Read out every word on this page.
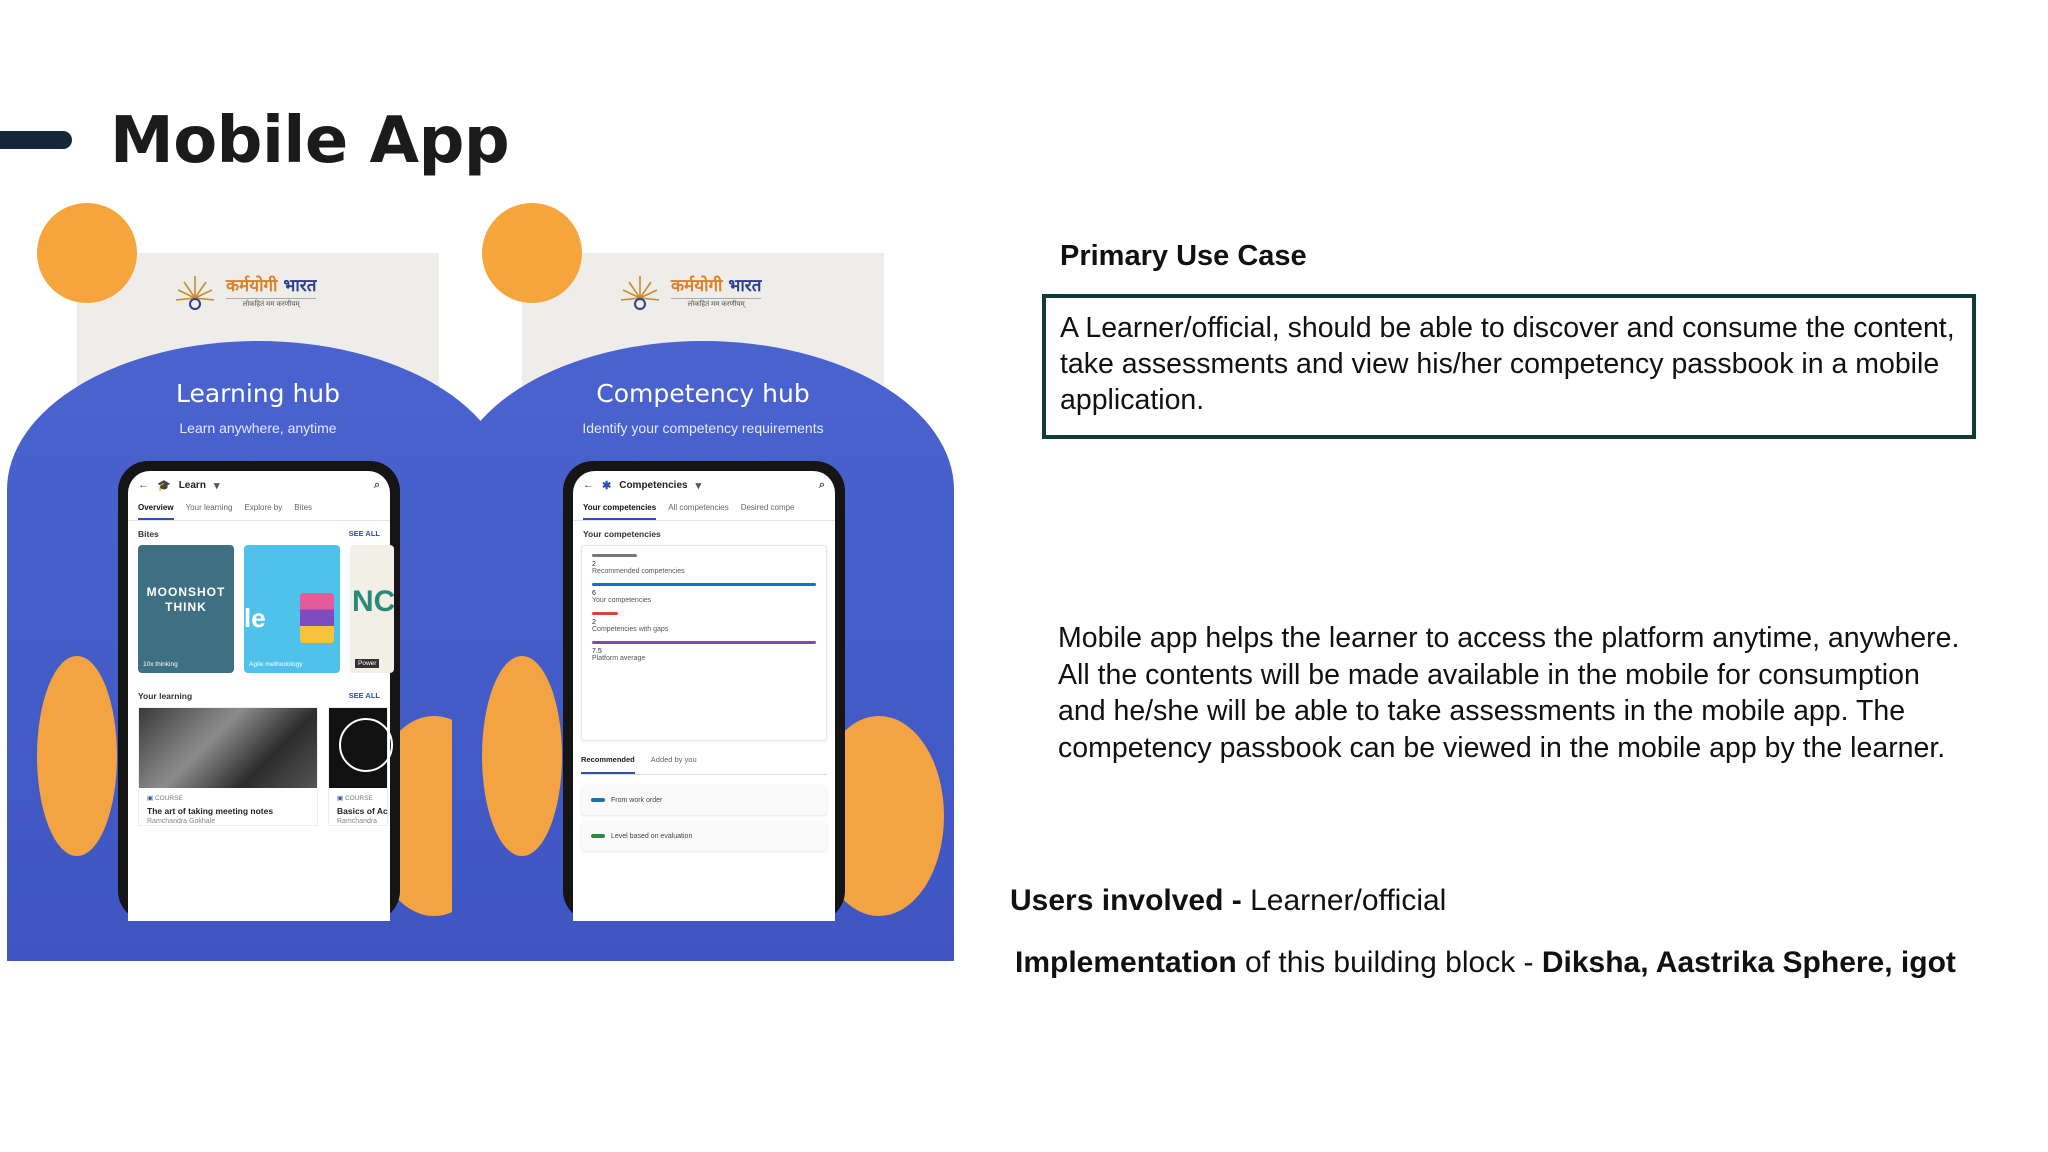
Mobile App
कर्मयोगी भारत
लोकहितं मम करणीयम्
Learning hub
Learn anywhere, anytime
← 🎓 Learn ▾	⌕
Overview Your learning Explore by Bites
Bites	SEE ALL
MOONSHOT THINK
10x thinking
le
Agile methodology
NC
Power
Your learning	SEE ALL
▣ COURSE
The art of taking meeting notes
Ramchandra Gokhale
▣ COURSE
Basics of Ac
Ramchandra
कर्मयोगी भारत
लोकहितं मम करणीयम्
Competency hub
Identify your competency requirements
← ✱ Competencies ▾	⌕
Your competencies All competencies Desired compe
Your competencies
2
Recommended competencies
6
Your competencies
2
Competencies with gaps
7.5
Platform average
Recommended Added by you
From work order
Level based on evaluation
Primary Use Case
A Learner/official, should be able to discover and consume the content, take assessments and view his/her competency passbook in a mobile application.
Mobile app helps the learner to access the platform anytime, anywhere. All the contents will be made available in the mobile for consumption and he/she will be able to take assessments in the mobile app. The competency passbook can be viewed in the mobile app by the learner.
Users involved - Learner/official
Implementation of this building block - Diksha, Aastrika Sphere, igot
